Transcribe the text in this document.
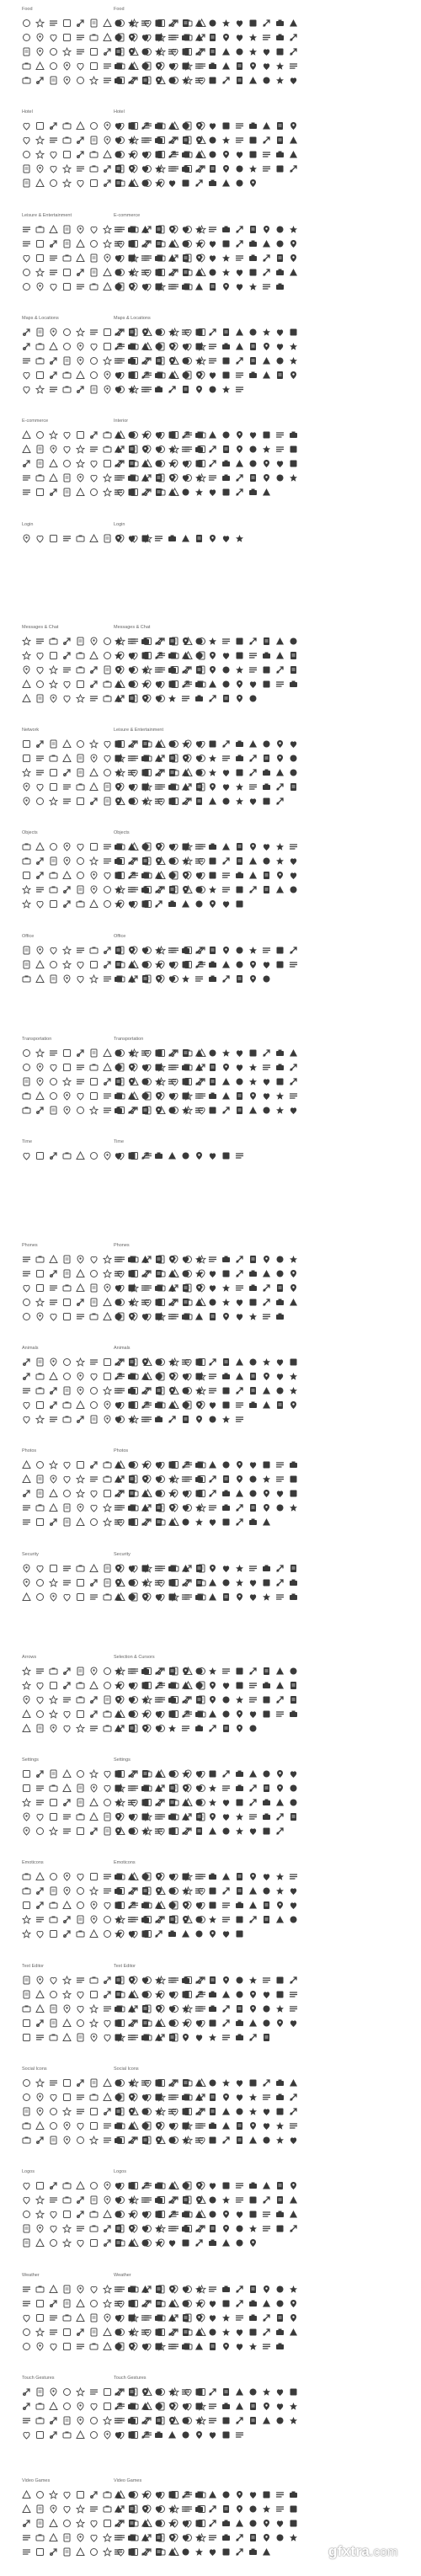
Food	Food
Hotel	Hotel
Leisure & Entertainment	E-commerce
Maps & Locations	Maps & Locations
E-commerce	Interior
Login	Login
Messages & Chat	Messages & Chat
Network	Leisure & Entertainment
Objects	Objects
Office	Office
Transportation	Transportation
Time	Time
Phones	Phones
Animals	Animals
Photos	Photos
Security	Security
Arrows	Selection & Cursors
Settings	Settings
Emoticons	Emoticons
Text Editor	Text Editor
Social Icons	Social Icons
Logos	Logos
Weather	Weather
Touch Gestures	Touch Gestures
Video Games	Video Games
gfxtra.com
